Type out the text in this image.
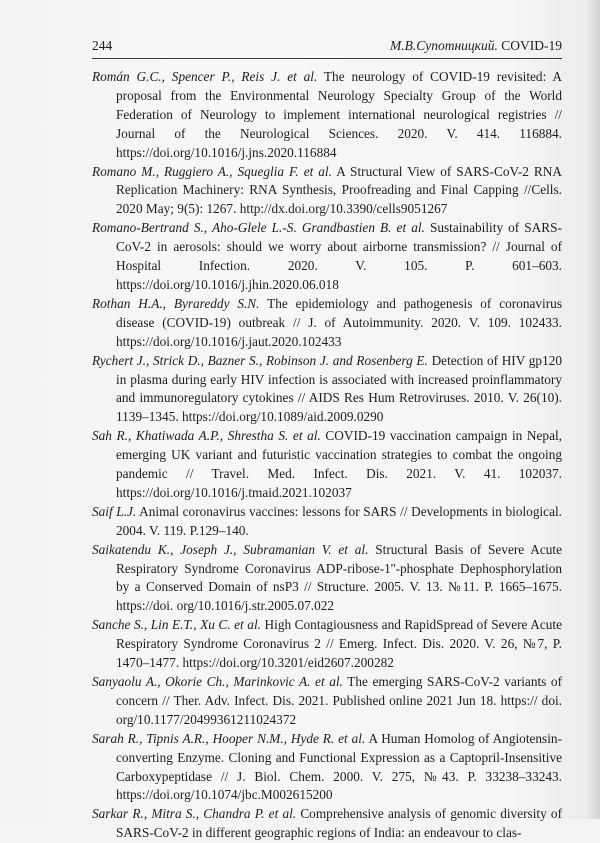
244	М.В.Супотницкий. COVID-19

Román G.C., Spencer P., Reis J. et al. The neurology of COVID-19 revisited: A proposal from the Environmental Neurology Specialty Group of the World Federation of Neurology to implement international neurological registries // Journal of the Neurological Sciences. 2020. V. 414. 116884. https://doi.org/10.1016/j.jns.2020.116884

Romano M., Ruggiero A., Squeglia F. et al. A Structural View of SARS-CoV-2 RNA Replication Machinery: RNA Synthesis, Proofreading and Final Capping //Cells. 2020 May; 9(5): 1267. http://dx.doi.org/10.3390/cells9051267

Romano-Bertrand S., Aho-Glele L.-S. Grandbastien B. et al. Sustainability of SARS-CoV-2 in aerosols: should we worry about airborne transmission? // Journal of Hospital Infection. 2020. V. 105. P. 601–603. https://doi.org/10.1016/j.jhin.2020.06.018

Rothan H.A., Byrareddy S.N. The epidemiology and pathogenesis of coronavirus disease (COVID-19) outbreak // J. of Autoimmunity. 2020. V. 109. 102433. https://doi.org/10.1016/j.jaut.2020.102433

Rychert J., Strick D., Bazner S., Robinson J. and Rosenberg E. Detection of HIV gp120 in plasma during early HIV infection is associated with increased proinflammatory and immunoregulatory cytokines // AIDS Res Hum Retroviruses. 2010. V. 26(10). 1139–1345. https://doi.org/10.1089/aid.2009.0290

Sah R., Khatiwada A.P., Shrestha S. et al. COVID-19 vaccination campaign in Nepal, emerging UK variant and futuristic vaccination strategies to combat the ongoing pandemic // Travel. Med. Infect. Dis. 2021. V. 41. 102037. https://doi.org/10.1016/j.tmaid.2021.102037

Saif L.J. Animal coronavirus vaccines: lessons for SARS // Developments in biological. 2004. V. 119. P.129–140.

Saikatendu K., Joseph J., Subramanian V. et al. Structural Basis of Severe Acute Respiratory Syndrome Coronavirus ADP-ribose-1''-phosphate Dephosphorylation by a Conserved Domain of nsP3 // Structure. 2005. V. 13. №11. P. 1665–1675. https://doi. org/10.1016/j.str.2005.07.022

Sanche S., Lin E.T., Xu C. et al. High Contagiousness and RapidSpread of Severe Acute Respiratory Syndrome Coronavirus 2 // Emerg. Infect. Dis. 2020. V. 26, №7, P. 1470–1477. https://doi.org/10.3201/eid2607.200282

Sanyaolu A., Okorie Ch., Marinkovic A. et al. The emerging SARS-CoV-2 variants of concern // Ther. Adv. Infect. Dis. 2021. Published online 2021 Jun 18. https:// doi. org/10.1177/20499361211024372

Sarah R., Tipnis A.R., Hooper N.M., Hyde R. et al. A Human Homolog of Angiotensin-converting Enzyme. Cloning and Functional Expression as a Captopril-Insensitive Carboxypeptidase // J. Biol. Chem. 2000. V. 275, №43. P. 33238–33243. https://doi.org/10.1074/jbc.M002615200

Sarkar R., Mitra S., Chandra P. et al. Comprehensive analysis of genomic diversity of SARS-CoV-2 in different geographic regions of India: an endeavour to clas-
